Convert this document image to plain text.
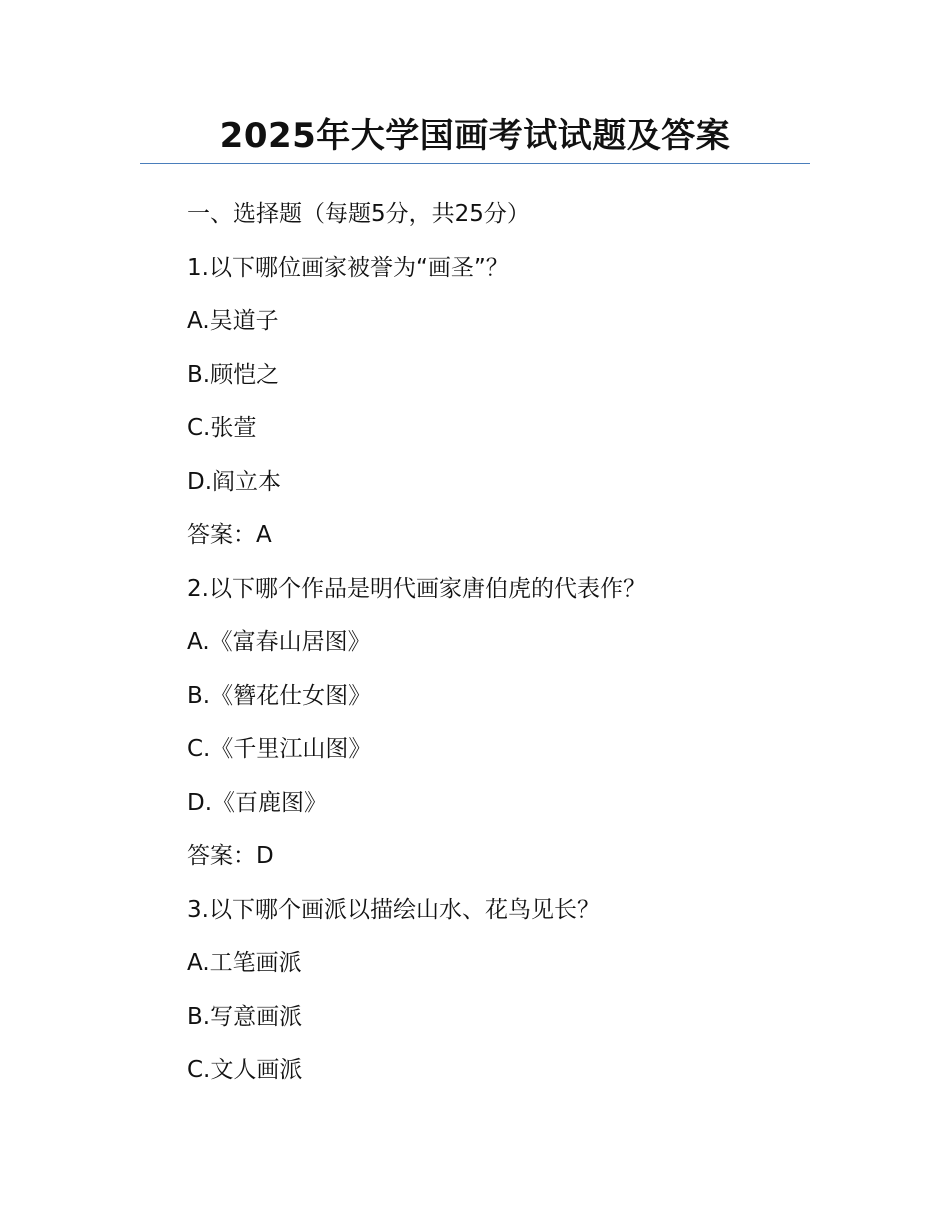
2025年大学国画考试试题及答案
一、选择题（每题5分，共25分）
1.以下哪位画家被誉为“画圣”？
A.吴道子
B.顾恺之
C.张萱
D.阎立本
答案：A
2.以下哪个作品是明代画家唐伯虎的代表作？
A.《富春山居图》
B.《簪花仕女图》
C.《千里江山图》
D.《百鹿图》
答案：D
3.以下哪个画派以描绘山水、花鸟见长？
A.工笔画派
B.写意画派
C.文人画派
